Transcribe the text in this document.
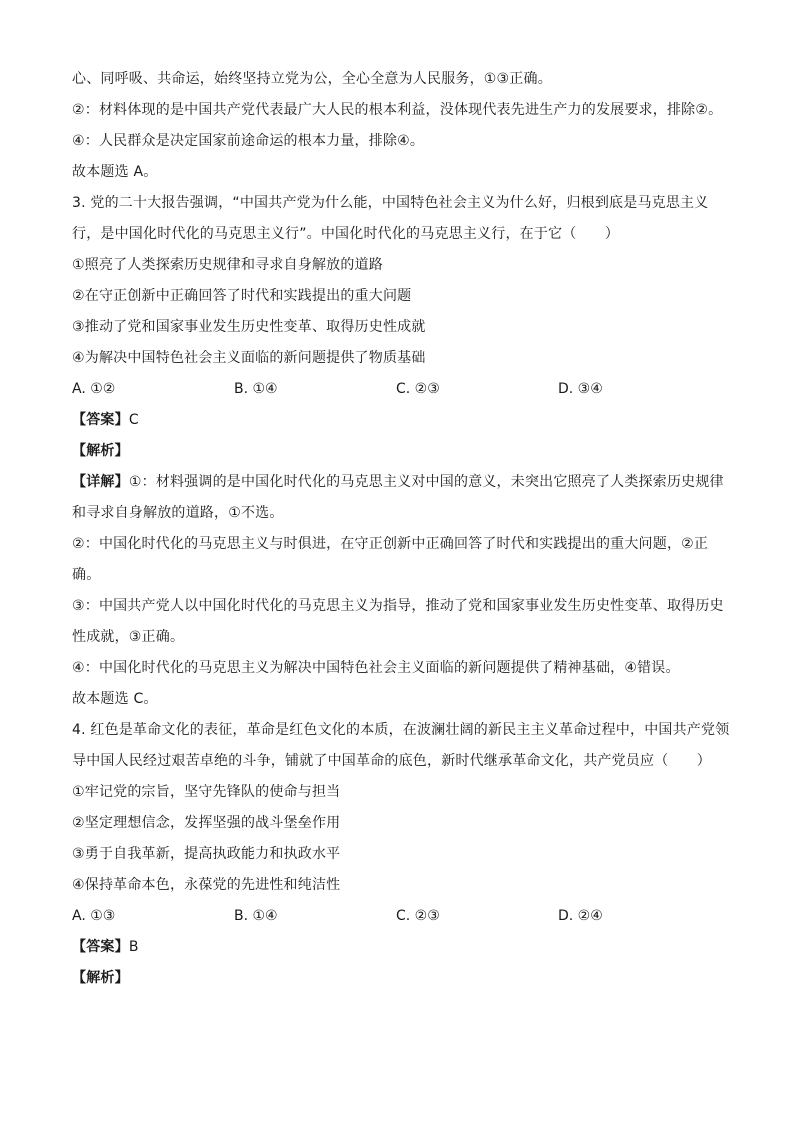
心、同呼吸、共命运，始终坚持立党为公，全心全意为人民服务，①③正确。
②：材料体现的是中国共产党代表最广大人民的根本利益，没体现代表先进生产力的发展要求，排除②。
④：人民群众是决定国家前途命运的根本力量，排除④。
故本题选 A。
3. 党的二十大报告强调，“中国共产党为什么能，中国特色社会主义为什么好，归根到底是马克思主义
行，是中国化时代化的马克思主义行”。中国化时代化的马克思主义行，在于它（　　）
①照亮了人类探索历史规律和寻求自身解放的道路
②在守正创新中正确回答了时代和实践提出的重大问题
③推动了党和国家事业发生历史性变革、取得历史性成就
④为解决中国特色社会主义面临的新问题提供了物质基础
A. ①②	B. ①④	C. ②③	D. ③④
【答案】C
【解析】
【详解】①：材料强调的是中国化时代化的马克思主义对中国的意义，未突出它照亮了人类探索历史规律
和寻求自身解放的道路，①不选。
②：中国化时代化的马克思主义与时俱进，在守正创新中正确回答了时代和实践提出的重大问题，②正
确。
③：中国共产党人以中国化时代化的马克思主义为指导，推动了党和国家事业发生历史性变革、取得历史
性成就，③正确。
④：中国化时代化的马克思主义为解决中国特色社会主义面临的新问题提供了精神基础，④错误。
故本题选 C。
4. 红色是革命文化的表征，革命是红色文化的本质，在波澜壮阔的新民主主义革命过程中，中国共产党领
导中国人民经过艰苦卓绝的斗争，铺就了中国革命的底色，新时代继承革命文化，共产党员应（　　）
①牢记党的宗旨，坚守先锋队的使命与担当
②坚定理想信念，发挥坚强的战斗堡垒作用
③勇于自我革新，提高执政能力和执政水平
④保持革命本色，永葆党的先进性和纯洁性
A. ①③	B. ①④	C. ②③	D. ②④
【答案】B
【解析】
